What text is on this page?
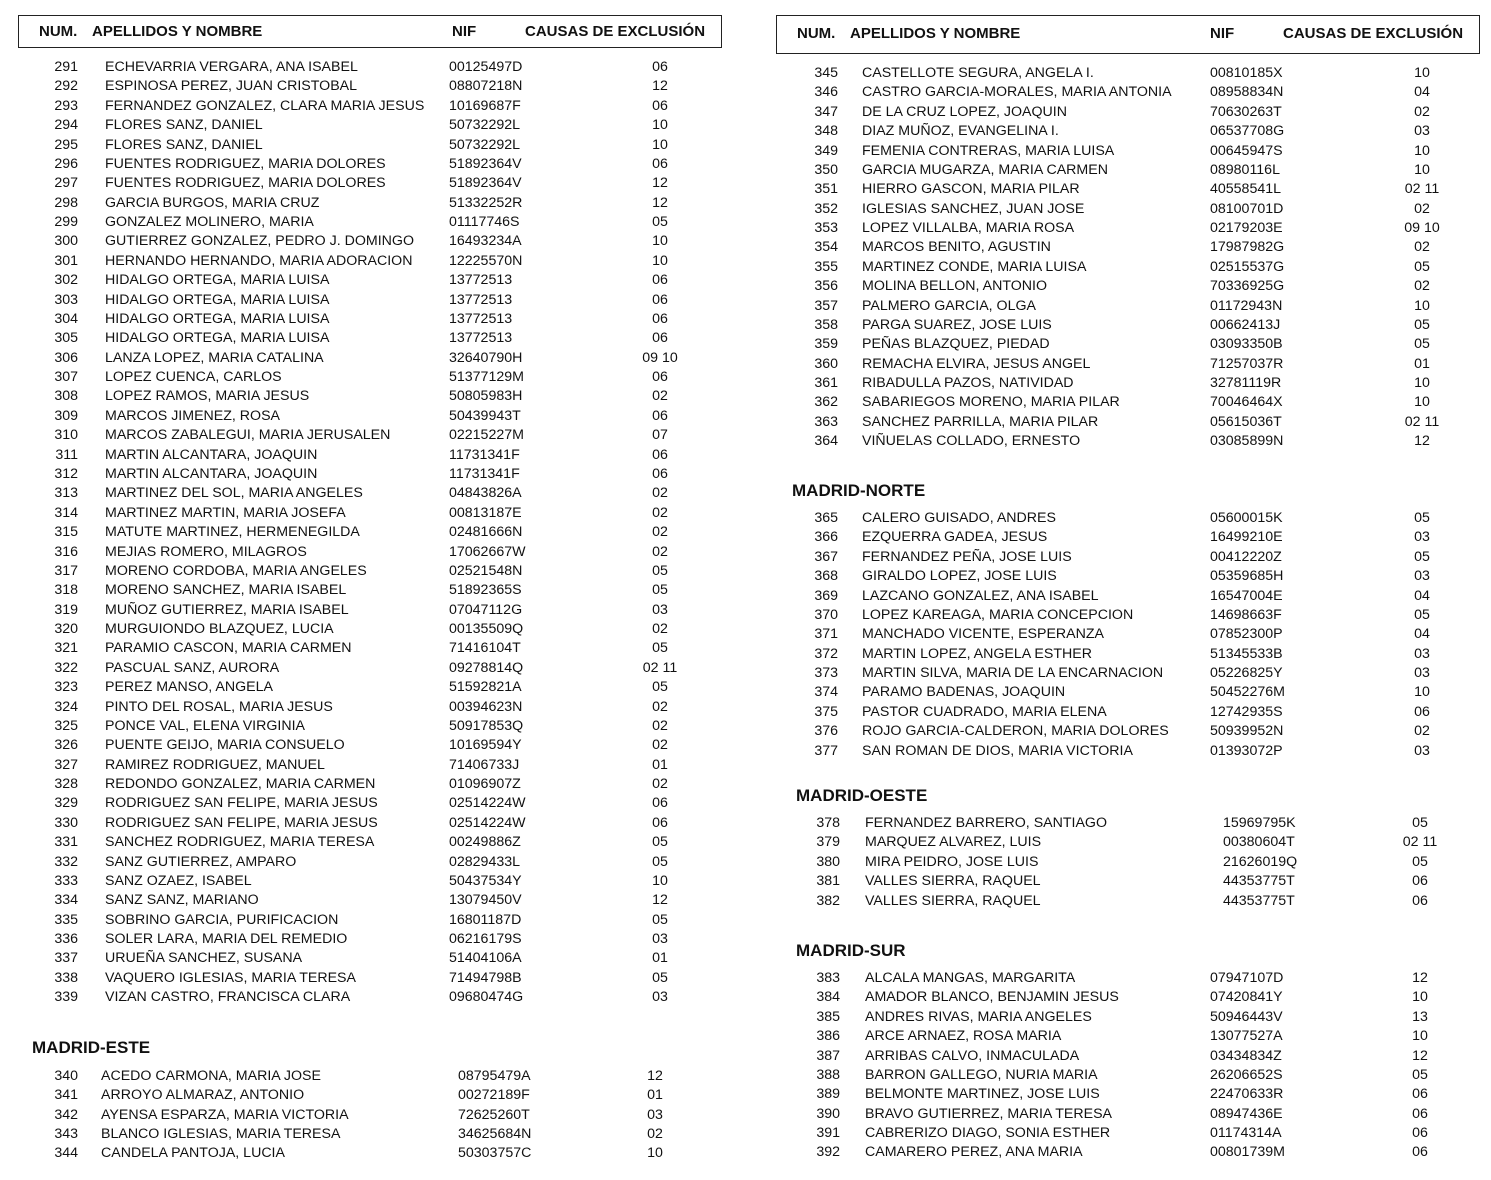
NUM. APELLIDOS Y NOMBRE	NIF	CAUSAS DE EXCLUSIÓN
291 ECHEVARRIA VERGARA, ANA ISABEL	00125497D	06
292 ESPINOSA PEREZ, JUAN CRISTOBAL	08807218N	12
293 FERNANDEZ GONZALEZ, CLARA MARIA JESUS 10169687F	06
294 FLORES SANZ, DANIEL	50732292L	10
295 FLORES SANZ, DANIEL	50732292L	10
296 FUENTES RODRIGUEZ, MARIA DOLORES	51892364V	06
297 FUENTES RODRIGUEZ, MARIA DOLORES	51892364V	12
298 GARCIA BURGOS, MARIA CRUZ	51332252R	12
299 GONZALEZ MOLINERO, MARIA	01117746S	05
300 GUTIERREZ GONZALEZ, PEDRO J. DOMINGO 16493234A	10
301 HERNANDO HERNANDO, MARIA ADORACION	12225570N	10
302 HIDALGO ORTEGA, MARIA LUISA	13772513	06
303 HIDALGO ORTEGA, MARIA LUISA	13772513	06
304 HIDALGO ORTEGA, MARIA LUISA	13772513	06
305 HIDALGO ORTEGA, MARIA LUISA	13772513	06
306 LANZA LOPEZ, MARIA CATALINA	32640790H	09 10
307 LOPEZ CUENCA, CARLOS	51377129M	06
308 LOPEZ RAMOS, MARIA JESUS	50805983H	02
309 MARCOS JIMENEZ, ROSA	50439943T	06
310 MARCOS ZABALEGUI, MARIA JERUSALEN	02215227M	07
311 MARTIN ALCANTARA, JOAQUIN	11731341F	06
312 MARTIN ALCANTARA, JOAQUIN	11731341F	06
313 MARTINEZ DEL SOL, MARIA ANGELES	04843826A	02
314 MARTINEZ MARTIN, MARIA JOSEFA	00813187E	02
315 MATUTE MARTINEZ, HERMENEGILDA	02481666N	02
316 MEJIAS ROMERO, MILAGROS	17062667W	02
317 MORENO CORDOBA, MARIA ANGELES	02521548N	05
318 MORENO SANCHEZ, MARIA ISABEL	51892365S	05
319 MUÑOZ GUTIERREZ, MARIA ISABEL	07047112G	03
320 MURGUIONDO BLAZQUEZ, LUCIA	00135509Q	02
321 PARAMIO CASCON, MARIA CARMEN	71416104T	05
322 PASCUAL SANZ, AURORA	09278814Q	02 11
323 PEREZ MANSO, ANGELA	51592821A	05
324 PINTO DEL ROSAL, MARIA JESUS	00394623N	02
325 PONCE VAL, ELENA VIRGINIA	50917853Q	02
326 PUENTE GEIJO, MARIA CONSUELO	10169594Y	02
327 RAMIREZ RODRIGUEZ, MANUEL	71406733J	01
328 REDONDO GONZALEZ, MARIA CARMEN	01096907Z	02
329 RODRIGUEZ SAN FELIPE, MARIA JESUS	02514224W	06
330 RODRIGUEZ SAN FELIPE, MARIA JESUS	02514224W	06
331 SANCHEZ RODRIGUEZ, MARIA TERESA	00249886Z	05
332 SANZ GUTIERREZ, AMPARO	02829433L	05
333 SANZ OZAEZ, ISABEL	50437534Y	10
334 SANZ SANZ, MARIANO	13079450V	12
335 SOBRINO GARCIA, PURIFICACION	16801187D	05
336 SOLER LARA, MARIA DEL REMEDIO	06216179S	03
337 URUEÑA SANCHEZ, SUSANA	51404106A	01
338 VAQUERO IGLESIAS, MARIA TERESA	71494798B	05
339 VIZAN CASTRO, FRANCISCA CLARA	09680474G	03
MADRID-ESTE
340 ACEDO CARMONA, MARIA JOSE	08795479A	12
341 ARROYO ALMARAZ, ANTONIO	00272189F	01
342 AYENSA ESPARZA, MARIA VICTORIA	72625260T	03
343 BLANCO IGLESIAS, MARIA TERESA	34625684N	02
344 CANDELA PANTOJA, LUCIA	50303757C	10
NUM. APELLIDOS Y NOMBRE	NIF	CAUSAS DE EXCLUSIÓN
345 CASTELLOTE SEGURA, ANGELA I.	00810185X	10
346 CASTRO GARCIA-MORALES, MARIA ANTONIA	08958834N	04
347 DE LA CRUZ LOPEZ, JOAQUIN	70630263T	02
348 DIAZ MUÑOZ, EVANGELINA I.	06537708G	03
349 FEMENIA CONTRERAS, MARIA LUISA	00645947S	10
350 GARCIA MUGARZA, MARIA CARMEN	08980116L	10
351 HIERRO GASCON, MARIA PILAR	40558541L	02 11
352 IGLESIAS SANCHEZ, JUAN JOSE	08100701D	02
353 LOPEZ VILLALBA, MARIA ROSA	02179203E	09 10
354 MARCOS BENITO, AGUSTIN	17987982G	02
355 MARTINEZ CONDE, MARIA LUISA	02515537G	05
356 MOLINA BELLON, ANTONIO	70336925G	02
357 PALMERO GARCIA, OLGA	01172943N	10
358 PARGA SUAREZ, JOSE LUIS	00662413J	05
359 PEÑAS BLAZQUEZ, PIEDAD	03093350B	05
360 REMACHA ELVIRA, JESUS ANGEL	71257037R	01
361 RIBADULLA PAZOS, NATIVIDAD	32781119R	10
362 SABARIEGOS MORENO, MARIA PILAR	70046464X	10
363 SANCHEZ PARRILLA, MARIA PILAR	05615036T	02 11
364 VIÑUELAS COLLADO, ERNESTO	03085899N	12
MADRID-NORTE
365 CALERO GUISADO, ANDRES	05600015K	05
366 EZQUERRA GADEA, JESUS	16499210E	03
367 FERNANDEZ PEÑA, JOSE LUIS	00412220Z	05
368 GIRALDO LOPEZ, JOSE LUIS	05359685H	03
369 LAZCANO GONZALEZ, ANA ISABEL	16547004E	04
370 LOPEZ KAREAGA, MARIA CONCEPCION	14698663F	05
371 MANCHADO VICENTE, ESPERANZA	07852300P	04
372 MARTIN LOPEZ, ANGELA ESTHER	51345533B	03
373 MARTIN SILVA, MARIA DE LA ENCARNACION	05226825Y	03
374 PARAMO BADENAS, JOAQUIN	50452276M	10
375 PASTOR CUADRADO, MARIA ELENA	12742935S	06
376 ROJO GARCIA-CALDERON, MARIA DOLORES	50939952N	02
377 SAN ROMAN DE DIOS, MARIA VICTORIA	01393072P	03
MADRID-OESTE
378 FERNANDEZ BARRERO, SANTIAGO	15969795K	05
379 MARQUEZ ALVAREZ, LUIS	00380604T	02 11
380 MIRA PEIDRO, JOSE LUIS	21626019Q	05
381 VALLES SIERRA, RAQUEL	44353775T	06
382 VALLES SIERRA, RAQUEL	44353775T	06
MADRID-SUR
383 ALCALA MANGAS, MARGARITA	07947107D	12
384 AMADOR BLANCO, BENJAMIN JESUS	07420841Y	10
385 ANDRES RIVAS, MARIA ANGELES	50946443V	13
386 ARCE ARNAEZ, ROSA MARIA	13077527A	10
387 ARRIBAS CALVO, INMACULADA	03434834Z	12
388 BARRON GALLEGO, NURIA MARIA	26206652S	05
389 BELMONTE MARTINEZ, JOSE LUIS	22470633R	06
390 BRAVO GUTIERREZ, MARIA TERESA	08947436E	06
391 CABRERIZO DIAGO, SONIA ESTHER	01174314A	06
392 CAMARERO PEREZ, ANA MARIA	00801739M	06
